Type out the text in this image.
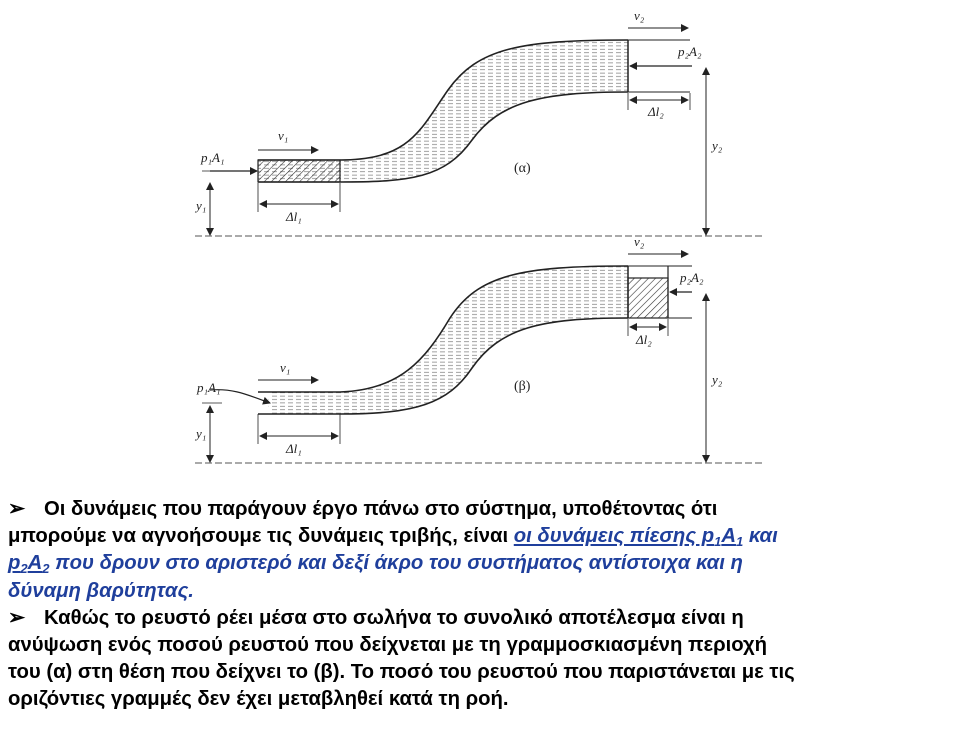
p₁A₁
p₂A₂
v₁
v₂
y₁
y₂
Δl₁
Δl₂
(α)
p₁A₁
p₂A₂
v₁
v₂
y₁
y₂
Δl₁
Δl₂
(β)
➢ Οι δυνάμεις που παράγουν έργο πάνω στο σύστημα, υποθέτοντας ότι
μπορούμε να αγνοήσουμε τις δυνάμεις τριβής, είναι οι δυνάμεις πίεσης $p_1A_1$ και
$p_2A_2$ που δρουν στο αριστερό και δεξί άκρο του συστήματος αντίστοιχα και η
δύναμη βαρύτητας.
➢ Καθώς το ρευστό ρέει μέσα στο σωλήνα το συνολικό αποτέλεσμα είναι η
ανύψωση ενός ποσού ρευστού που δείχνεται με τη γραμμοσκιασμένη περιοχή
του (α) στη θέση που δείχνει το (β). Το ποσό του ρευστού που παριστάνεται με τις
οριζόντιες γραμμές δεν έχει μεταβληθεί κατά τη ροή.
